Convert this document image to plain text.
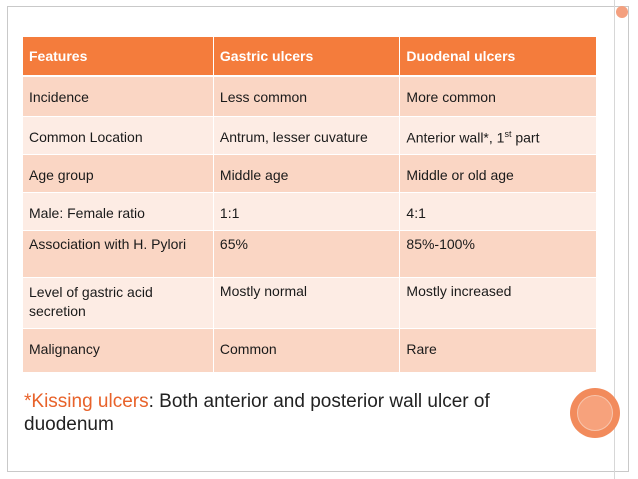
Features	Gastric ulcers	Duodenal ulcers
Incidence	Less common	More common
Common Location	Antrum, lesser cuvature	Anterior wall*, 1st part
Age group	Middle age	Middle or old age
Male: Female ratio	1:1	4:1
Association with H. Pylori	65%	85%-100%
Level of gastric acid secretion	Mostly normal	Mostly increased
Malignancy	Common	Rare
*Kissing ulcers: Both anterior and posterior wall ulcer of duodenum
